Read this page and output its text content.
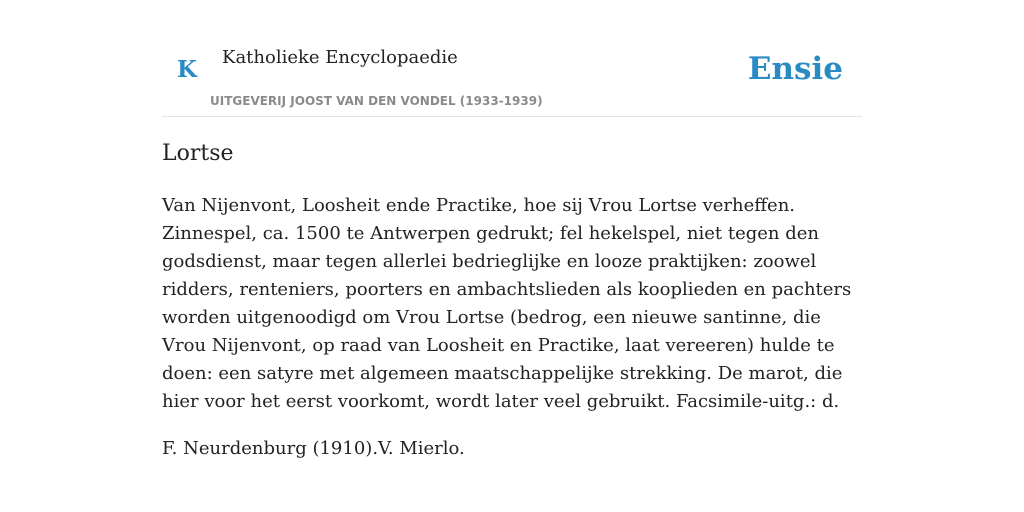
K Katholieke Encyclopaedie
UITGEVERIJ JOOST VAN DEN VONDEL (1933-1939)
Ensie
Lortse

Van Nijenvont, Loosheit ende Practike, hoe sij Vrou Lortse verheffen. Zinnespel, ca. 1500 te Antwerpen gedrukt; fel hekelspel, niet tegen den godsdienst, maar tegen allerlei bedrieglijke en looze praktijken: zoowel ridders, renteniers, poorters en ambachtslieden als kooplieden en pachters worden uitgenoodigd om Vrou Lortse (bedrog, een nieuwe santinne, die Vrou Nijenvont, op raad van Loosheit en Practike, laat vereeren) hulde te doen: een satyre met algemeen maatschappelijke strekking. De marot, die hier voor het eerst voorkomt, wordt later veel gebruikt. Facsimile-uitg.: d.

F. Neurdenburg (1910).V. Mierlo.
